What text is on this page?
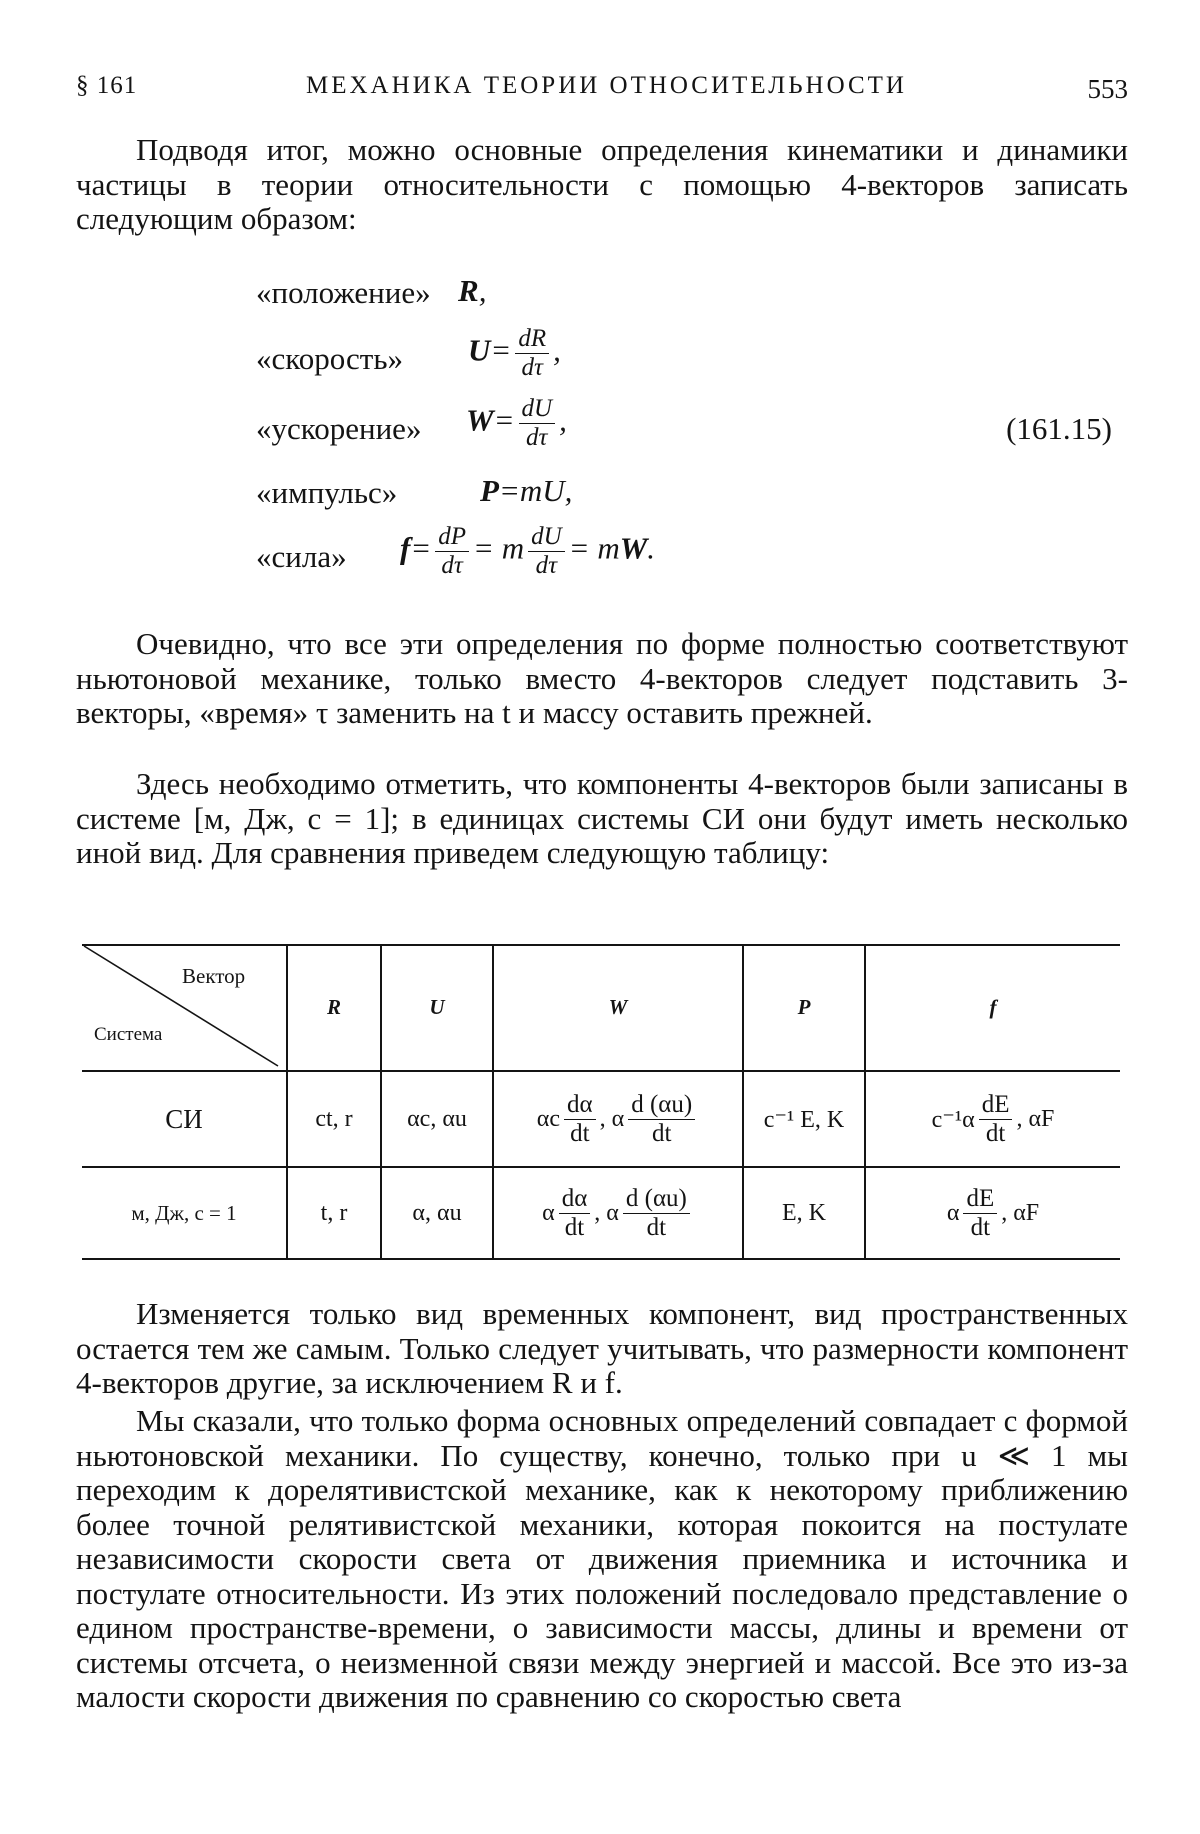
§ 161	МЕХАНИКА ТЕОРИИ ОТНОСИТЕЛЬНОСТИ	553
Подводя итог, можно основные определения кинематики и динамики частицы в теории относительности с помощью 4-векторов записать следующим образом:
«положение» R,
«скорость» $U= \frac{dR}{d\tau}$ ,
«ускорение» $W= \frac{dU}{d\tau}$ ,	(161.15)
«импульс»	P=mU,
«сила» $f= \frac{dP}{d\tau} = m \frac{dU}{d\tau}$ = mW.
Очевидно, что все эти определения по форме полностью соответствуют ньютоновой механике, только вместо 4-векторов следует подставить 3-векторы, «время» τ заменить на t и массу оставить прежней.
Здесь необходимо отметить, что компоненты 4-векторов были записаны в системе [м, Дж, c = 1]; в единицах системы СИ они будут иметь несколько иной вид. Для сравнения приведем следующую таблицу:
Вектор
Система
R	U	W	P	f
СИ	ct, r	αc, αu	αc $\frac{d\alpha}{dt}$ , α $\frac{d (\alpha u)}{dt}$	c⁻¹ E, K	$c^{-1}\alpha \frac{dE}{dt}$ , αF
м, Дж, c = 1	t, r	α, αu	α $\frac{d\alpha}{dt}$ , α $\frac{d (\alpha u)}{dt}$	E, K	α $\frac{dE}{dt}$ , αF
Изменяется только вид временных компонент, вид пространственных остается тем же самым. Только следует учитывать, что размерности компонент 4-векторов другие, за исключением R и f.
Мы сказали, что только форма основных определений совпадает с формой ньютоновской механики. По существу, конечно, только при u ≪ 1 мы переходим к дорелятивистской механике, как к некоторому приближению более точной релятивистской механики, которая покоится на постулате независимости скорости света от движения приемника и источника и постулате относительности. Из этих положений последовало представление о едином пространстве-времени, о зависимости массы, длины и времени от системы отсчета, о неизменной связи между энергией и массой. Все это из-за малости скорости движения по сравнению со скоростью света
